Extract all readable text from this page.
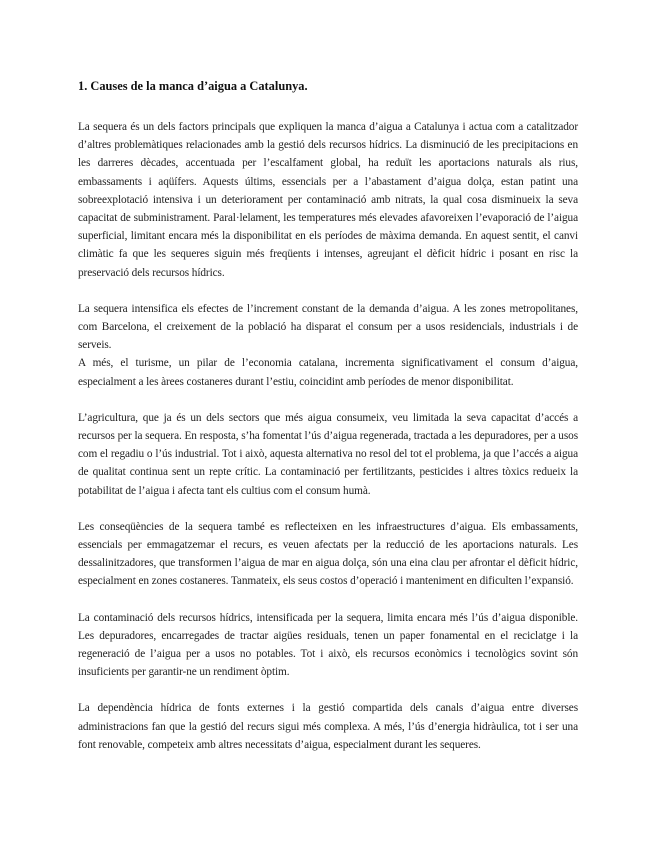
1. Causes de la manca d’aigua a Catalunya.

La sequera és un dels factors principals que expliquen la manca d’aigua a Catalunya i actua com a catalitzador d’altres problemàtiques relacionades amb la gestió dels recursos hídrics. La disminució de les precipitacions en les darreres dècades, accentuada per l’escalfament global, ha reduït les aportacions naturals als rius, embassaments i aqüífers. Aquests últims, essencials per a l’abastament d’aigua dolça, estan patint una sobreexplotació intensiva i un deteriorament per contaminació amb nitrats, la qual cosa disminueix la seva capacitat de subministrament. Paral·lelament, les temperatures més elevades afavoreixen l’evaporació de l’aigua superficial, limitant encara més la disponibilitat en els períodes de màxima demanda. En aquest sentit, el canvi climàtic fa que les sequeres siguin més freqüents i intenses, agreujant el dèficit hídric i posant en risc la preservació dels recursos hídrics.

La sequera intensifica els efectes de l’increment constant de la demanda d’aigua. A les zones metropolitanes, com Barcelona, el creixement de la població ha disparat el consum per a usos residencials, industrials i de serveis.
A més, el turisme, un pilar de l’economia catalana, incrementa significativament el consum d’aigua, especialment a les àrees costaneres durant l’estiu, coincidint amb períodes de menor disponibilitat.

L’agricultura, que ja és un dels sectors que més aigua consumeix, veu limitada la seva capacitat d’accés a recursos per la sequera. En resposta, s’ha fomentat l’ús d’aigua regenerada, tractada a les depuradores, per a usos com el regadiu o l’ús industrial. Tot i això, aquesta alternativa no resol del tot el problema, ja que l’accés a aigua de qualitat continua sent un repte crític. La contaminació per fertilitzants, pesticides i altres tòxics redueix la potabilitat de l’aigua i afecta tant els cultius com el consum humà.

Les conseqüències de la sequera també es reflecteixen en les infraestructures d’aigua. Els embassaments, essencials per emmagatzemar el recurs, es veuen afectats per la reducció de les aportacions naturals. Les dessalinitzadores, que transformen l’aigua de mar en aigua dolça, són una eina clau per afrontar el dèficit hídric, especialment en zones costaneres. Tanmateix, els seus costos d’operació i manteniment en dificulten l’expansió.

La contaminació dels recursos hídrics, intensificada per la sequera, limita encara més l’ús d’aigua disponible. Les depuradores, encarregades de tractar aigües residuals, tenen un paper fonamental en el reciclatge i la regeneració de l’aigua per a usos no potables. Tot i això, els recursos econòmics i tecnològics sovint són insuficients per garantir-ne un rendiment òptim.

La dependència hídrica de fonts externes i la gestió compartida dels canals d’aigua entre diverses administracions fan que la gestió del recurs sigui més complexa. A més, l’ús d’energia hidràulica, tot i ser una font renovable, competeix amb altres necessitats d’aigua, especialment durant les sequeres.
